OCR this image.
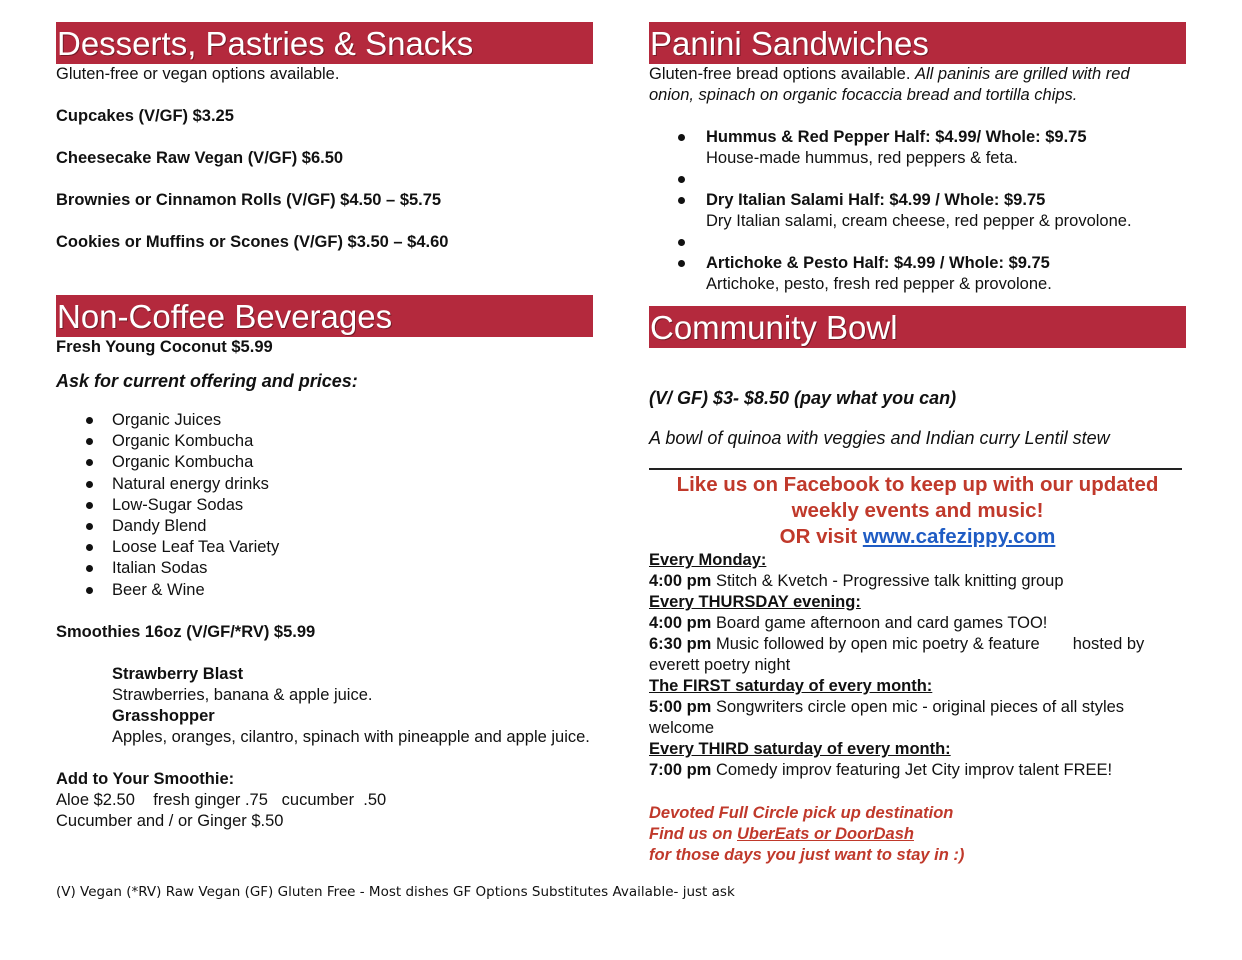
Desserts, Pastries & Snacks

Gluten-free or vegan options available.

Cupcakes (V/GF) $3.25

Cheesecake Raw Vegan (V/GF) $6.50

Brownies or Cinnamon Rolls (V/GF) $4.50 – $5.75

Cookies or Muffins or Scones (V/GF) $3.50 – $4.60

Non-Coffee Beverages

Fresh Young Coconut $5.99

Ask for current offering and prices:

Organic Juices
Organic Kombucha
Organic Kombucha
Natural energy drinks
Low-Sugar Sodas
Dandy Blend
Loose Leaf Tea Variety
Italian Sodas
Beer & Wine

Smoothies 16oz (V/GF/*RV) $5.99

Strawberry Blast

Strawberries, banana & apple juice.

Grasshopper

Apples, oranges, cilantro, spinach with pineapple and apple juice.

Add to Your Smoothie:

Aloe $2.50    fresh ginger .75   cucumber  .50

Cucumber and / or Ginger $.50

Panini Sandwiches

Gluten-free bread options available. All paninis are grilled with red

onion, spinach on organic focaccia bread and tortilla chips.

Hummus & Red Pepper Half: $4.99/ Whole: $9.75

House-made hummus, red peppers & feta.

Dry Italian Salami Half: $4.99 / Whole: $9.75

Dry Italian salami, cream cheese, red pepper & provolone.

Artichoke & Pesto Half: $4.99 / Whole: $9.75

Artichoke, pesto, fresh red pepper & provolone.

Community Bowl

(V/ GF) $3- $8.50 (pay what you can)

A bowl of quinoa with veggies and Indian curry Lentil stew

Like us on Facebook to keep up with our updated
weekly events and music!
OR visit www.cafezippy.com

Every Monday:

4:00 pm Stitch & Kvetch - Progressive talk knitting group

Every THURSDAY evening:

4:00 pm Board game afternoon and card games TOO!

6:30 pm Music followed by open mic poetry & feature hosted by

everett poetry night

The FIRST saturday of every month:

5:00 pm Songwriters circle open mic - original pieces of all styles

welcome

Every THIRD saturday of every month:

7:00 pm Comedy improv featuring Jet City improv talent FREE!

Devoted Full Circle pick up destination

Find us on UberEats or DoorDash

for those days you just want to stay in :)

(V) Vegan (*RV) Raw Vegan (GF) Gluten Free - Most dishes GF Options Substitutes Available- just ask
